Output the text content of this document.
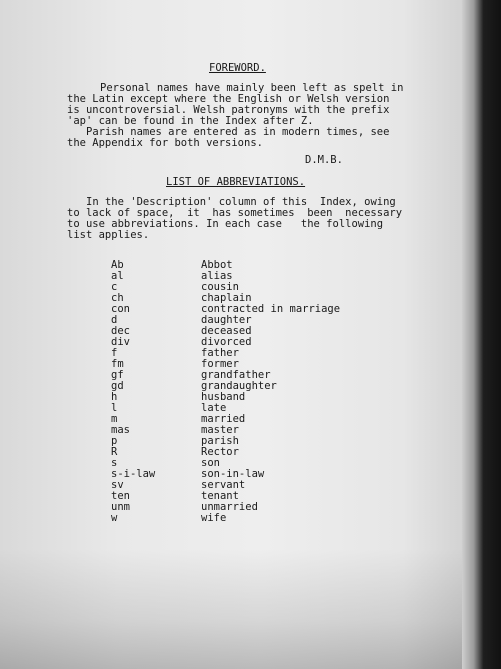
FOREWORD.
Personal names have mainly been left as spelt in
the Latin except where the English or Welsh version
is uncontroversial. Welsh patronyms with the prefix
'ap' can be found in the Index after Z.
Parish names are entered as in modern times, see
the Appendix for both versions.
D.M.B.
LIST OF ABBREVIATIONS.
In the 'Description' column of this  Index, owing
to lack of space,  it  has sometimes  been  necessary
to use abbreviations. In each case   the following
list applies.
Ab	Abbot
al	alias
c	cousin
ch	chaplain
con	contracted in marriage
d	daughter
dec	deceased
div	divorced
f	father
fm	former
gf	grandfather
gd	grandaughter
h	husband
l	late
m	married
mas	master
p	parish
R	Rector
s	son
s-i-law	son-in-law
sv	servant
ten	tenant
unm	unmarried
w	wife
